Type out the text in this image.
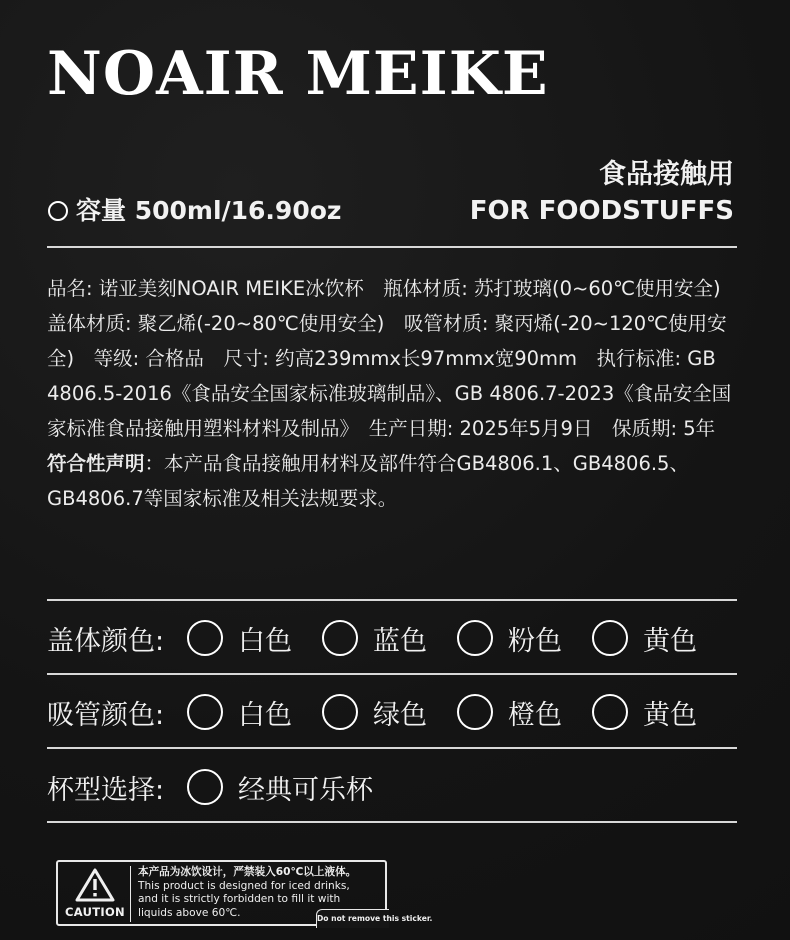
NOAIR MEIKE
容量 500ml/16.90oz
食品接触用
FOR FOODSTUFFS
品名: 诺亚美刻NOAIR MEIKE冰饮杯　瓶体材质: 苏打玻璃(0~60℃使用安全)　盖体材质: 聚乙烯(-20~80℃使用安全)　吸管材质: 聚丙烯(-20~120℃使用安全)　等级: 合格品　尺寸: 约高239mmx长97mmx宽90mm　执行标准: GB 4806.5-2016《食品安全国家标准玻璃制品》、GB 4806.7-2023《食品安全国家标准食品接触用塑料材料及制品》　生产日期: 2025年5月9日　保质期: 5年
符合性声明：本产品食品接触用材料及部件符合GB4806.1、GB4806.5、GB4806.7等国家标准及相关法规要求。
盖体颜色:	白色	蓝色	粉色	黄色
吸管颜色:	白色	绿色	橙色	黄色
杯型选择:	经典可乐杯
CAUTION
本产品为冰饮设计，严禁装入60℃以上液体。
This product is designed for iced drinks,
and it is strictly forbidden to fill it with
liquids above 60℃.	Do not remove this sticker.
